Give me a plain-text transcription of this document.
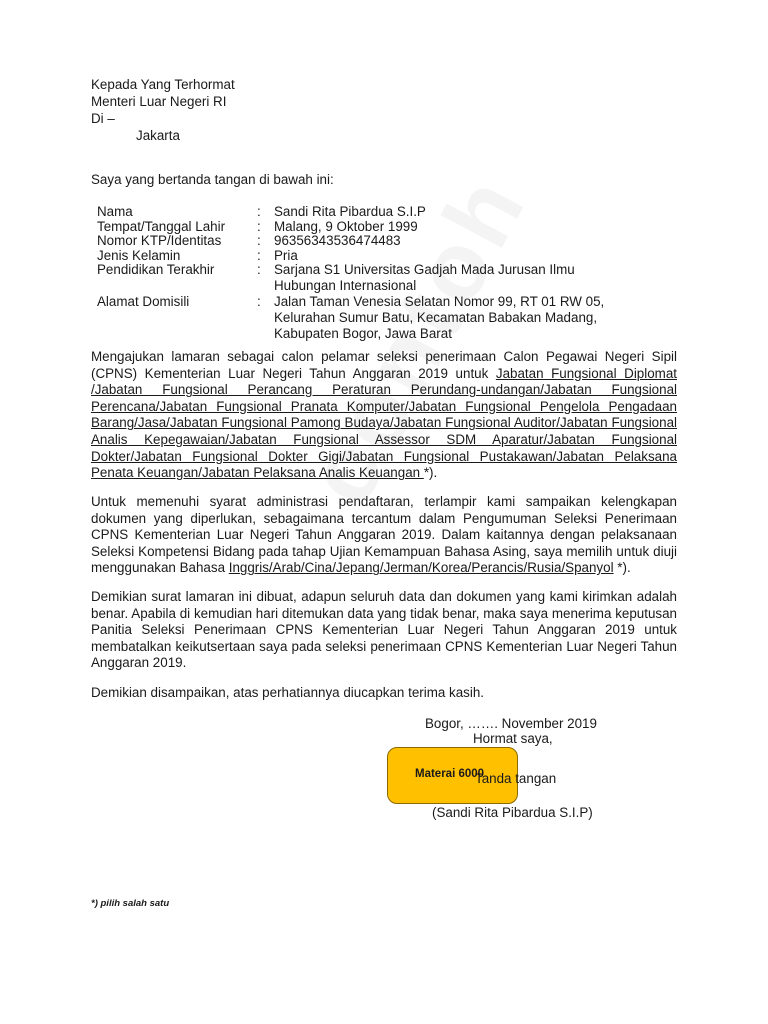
Kepada Yang Terhormat
Menteri Luar Negeri RI
Di –
Jakarta
Saya yang bertanda tangan di bawah ini:
Nama	: Sandi Rita Pibardua S.I.P
Tempat/Tanggal Lahir : Malang, 9 Oktober 1999
Nomor KTP/Identitas	: 96356343536474483
Jenis Kelamin	: Pria
Pendidikan Terakhir	: Sarjana S1 Universitas Gadjah Mada Jurusan Ilmu
Hubungan Internasional
Alamat Domisili	: Jalan Taman Venesia Selatan Nomor 99, RT 01 RW 05,
Kelurahan Sumur Batu, Kecamatan Babakan Madang,
Kabupaten Bogor, Jawa Barat
Mengajukan lamaran sebagai calon pelamar seleksi penerimaan Calon Pegawai Negeri Sipil (CPNS) Kementerian Luar Negeri Tahun Anggaran 2019 untuk Jabatan Fungsional Diplomat /Jabatan Fungsional Perancang Peraturan Perundang-undangan/Jabatan Fungsional Perencana/Jabatan Fungsional Pranata Komputer/Jabatan Fungsional Pengelola Pengadaan Barang/Jasa/Jabatan Fungsional Pamong Budaya/Jabatan Fungsional Auditor/Jabatan Fungsional Analis Kepegawaian/Jabatan Fungsional Assessor SDM Aparatur/Jabatan Fungsional Dokter/Jabatan Fungsional Dokter Gigi/Jabatan Fungsional Pustakawan/Jabatan Pelaksana Penata Keuangan/Jabatan Pelaksana Analis Keuangan *).
Untuk memenuhi syarat administrasi pendaftaran, terlampir kami sampaikan kelengkapan dokumen yang diperlukan, sebagaimana tercantum dalam Pengumuman Seleksi Penerimaan CPNS Kementerian Luar Negeri Tahun Anggaran 2019. Dalam kaitannya dengan pelaksanaan Seleksi Kompetensi Bidang pada tahap Ujian Kemampuan Bahasa Asing, saya memilih untuk diuji menggunakan Bahasa Inggris/Arab/Cina/Jepang/Jerman/Korea/Perancis/Rusia/Spanyol *).
Demikian surat lamaran ini dibuat, adapun seluruh data dan dokumen yang kami kirimkan adalah benar. Apabila di kemudian hari ditemukan data yang tidak benar, maka saya menerima keputusan Panitia Seleksi Penerimaan CPNS Kementerian Luar Negeri Tahun Anggaran 2019 untuk membatalkan keikutsertaan saya pada seleksi penerimaan CPNS Kementerian Luar Negeri Tahun Anggaran 2019.
Demikian disampaikan, atas perhatiannya diucapkan terima kasih.
Bogor, ……. November 2019
Hormat saya,
Tanda tangan
Materai 6000
(Sandi Rita Pibardua S.I.P)
*) pilih salah satu
